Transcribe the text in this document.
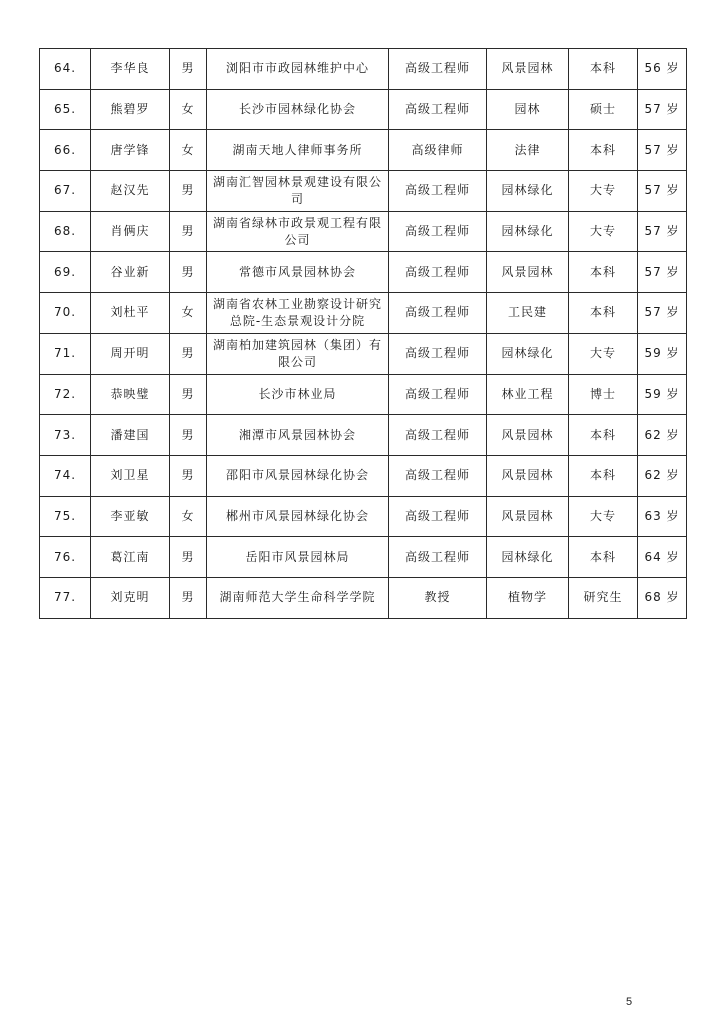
64.	李华良	男	浏阳市市政园林维护中心	高级工程师	风景园林	本科	56 岁
65.	熊碧罗	女	长沙市园林绿化协会	高级工程师	园林	硕士	57 岁
66.	唐学锋	女	湖南天地人律师事务所	高级律师	法律	本科	57 岁
67.	赵汉先	男	湖南汇智园林景观建设有限公司	高级工程师	园林绿化	大专	57 岁
68.	肖俩庆	男	湖南省绿林市政景观工程有限公司	高级工程师	园林绿化	大专	57 岁
69.	谷业新	男	常德市风景园林协会	高级工程师	风景园林	本科	57 岁
70.	刘杜平	女	湖南省农林工业勘察设计研究总院-生态景观设计分院	高级工程师	工民建	本科	57 岁
71.	周开明	男	湖南柏加建筑园林（集团）有限公司	高级工程师	园林绿化	大专	59 岁
72.	恭映璧	男	长沙市林业局	高级工程师	林业工程	博士	59 岁
73.	潘建国	男	湘潭市风景园林协会	高级工程师	风景园林	本科	62 岁
74.	刘卫星	男	邵阳市风景园林绿化协会	高级工程师	风景园林	本科	62 岁
75.	李亚敏	女	郴州市风景园林绿化协会	高级工程师	风景园林	大专	63 岁
76.	葛江南	男	岳阳市风景园林局	高级工程师	园林绿化	本科	64 岁
77.	刘克明	男	湖南师范大学生命科学学院	教授	植物学	研究生	68 岁
5
